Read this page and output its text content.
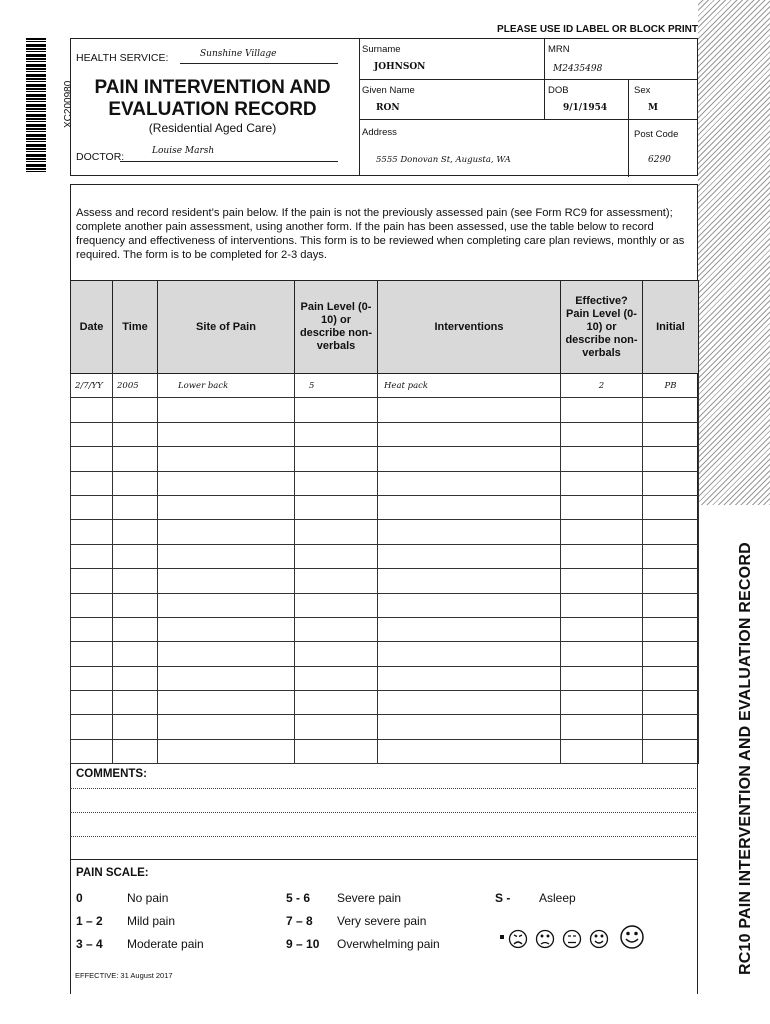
RC10 PAIN INTERVENTION AND EVALUATION RECORD
XC200980
PLEASE USE ID LABEL OR BLOCK PRINT
HEALTH SERVICE:	Sunshine Village
PAIN INTERVENTION AND
EVALUATION RECORD
(Residential Aged Care)
DOCTOR:	Louise Marsh
Surname
JOHNSON
MRN
M2435498
Given Name
RON
DOB
9/1/1954
Sex
M
Address
5555 Donovan St, Augusta, WA
Post Code
6290
Assess and record resident’s pain below. If the pain is not the previously assessed pain (see Form RC9 for assessment); complete another pain assessment, using another form. If the pain has been assessed, use the table below to record frequency and effectiveness of interventions. This form is to be reviewed when completing care plan reviews, monthly or as required. The form is to be completed for 2-3 days.
Date	Time	Site of Pain	Pain Level (0-10) or describe non-verbals	Interventions	Effective? Pain Level (0-10) or describe non-verbals	Initial
2/7/YY	2005	Lower back	5	Heat pack	2	PB

COMMENTS:
PAIN SCALE:
0	No pain
1 – 2 Mild pain
3 – 4 Moderate pain
5 - 6 Severe pain
7 – 8 Very severe pain
9 – 10 Overwhelming pain
S - Asleep
EFFECTIVE: 31 August 2017
